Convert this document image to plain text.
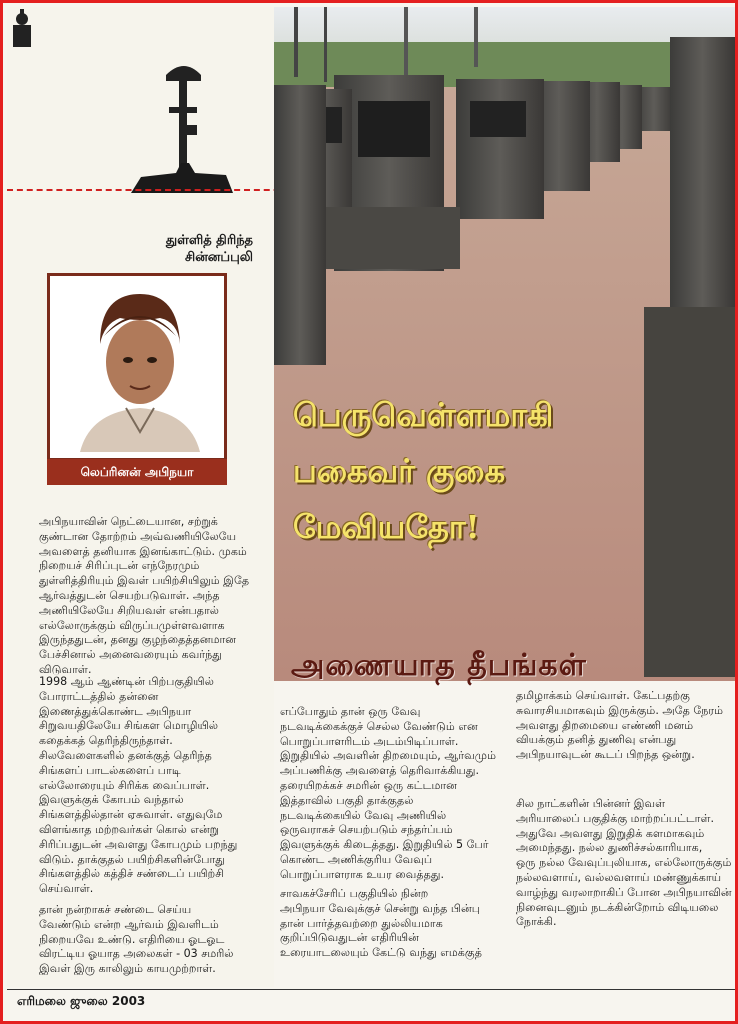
துள்ளித் திரிந்த
சின்னப்புலி
லெப்ரினன் அபிநயா
அபிநயாவின் நெட்டையான, சற்றுக்
குண்டான தோற்றம் அவ்வணியிலேயே
அவளைத் தனியாக இனங்காட்டும். முகம்
நிறையச் சிரிப்புடன் எந்நேரமும்
துள்ளித்திரியும் இவள் பயிற்சியிலும் இதே
ஆர்வத்துடன் செயற்படுவாள். அந்த
அணியிலேயே சிறியவள் என்பதால்
எல்லோருக்கும் விருப்பமுள்ளவளாக
இருந்ததுடன், தனது குழந்தைத்தனமான
பேச்சினால் அனைவரையும் கவர்ந்து
விடுவாள்.
1998 ஆம் ஆண்டின் பிற்பகுதியில்
போராட்டத்தில் தன்னை
இணைத்துக்கொண்ட அபிநயா
சிறுவயதிலேயே சிங்கள மொழியில்
கதைக்கத் தெரிந்திருந்தாள்.
சிலவேளைகளில் தனக்குத் தெரிந்த
சிங்களப் பாடல்களைப் பாடி
எல்லோரையும் சிரிக்க வைப்பாள்.
இவளுக்குக் கோபம் வந்தால்
சிங்களத்தில்தான் ஏசுவாள். எதுவுமே
விளங்காத மற்றவர்கள் கொல் என்று
சிரிப்பதுடன் அவளது கோபமும் பறந்து
விடும். தாக்குதல் பயிற்சிகளின்போது
சிங்களத்தில் கத்திச் சண்டைப் பயிற்சி
செய்வாள்.
தான் நன்றாகச் சண்டை செய்ய
வேண்டும் என்ற ஆர்வம் இவளிடம்
நிறையவே உண்டு. எதிரியை ஓடஓட
விரட்டிய ஓயாத அலைகள் - 03 சமரில்
இவள் இரு காலிலும் காயமுற்றாள்.
பெருவெள்ளமாகி
பகைவர் குகை
மேவியதோ!
அணையாத தீபங்கள்
எப்போதும் தான் ஒரு வேவு
நடவடிக்கைக்குச் செல்ல வேண்டும் என
பொறுப்பாளரிடம் அடம்பிடிப்பாள்.
இறுதியில் அவளின் திறமையும், ஆர்வமும்
அப்பணிக்கு அவளைத் தெரிவாக்கியது.
தரையிறக்கச் சமரின் ஒரு கட்டமான
இத்தாவில் பகுதி தாக்குதல்
நடவடிக்கையில் வேவு அணியில்
ஒருவராகச் செயற்படும் சந்தர்ப்பம்
இவளுக்குக் கிடைத்தது. இறுதியில் 5 பேர்
கொண்ட அணிக்குரிய வேவுப்
பொறுப்பாளராக உயர வைத்தது.
சாவகச்சேரிப் பகுதியில் நின்ற
அபிநயா வேவுக்குச் சென்று வந்த பின்பு
தான் பார்த்தவற்றை துல்லியமாக
குறிப்பிடுவதுடன் எதிரியின்
உரையாடலையும் கேட்டு வந்து எமக்குத்
தமிழாக்கம் செய்வாள். கேட்பதற்கு
சுவாரசியமாகவும் இருக்கும். அதே நேரம்
அவளது திறமையை எண்ணி மனம்
வியக்கும் தனித் துணிவு என்பது
அபிநயாவுடன் கூடப் பிறந்த ஒன்று.
சில நாட்களின் பின்னர் இவள்
அரியாலைப் பகுதிக்கு மாற்றப்பட்டாள்.
அதுவே அவளது இறுதிக் களமாகவும்
அமைந்தது. நல்ல துணிச்சல்காரியாக,
ஒரு நல்ல வேவுப்புலியாக, எல்லோருக்கும்
நல்லவளாய், வல்லவளாய் மண்ணுக்காய்
வாழ்ந்து வரலாறாகிப் போன அபிநயாவின்
நினைவுடனும் நடக்கின்றோம் விடியலை
நோக்கி.
எரிமலை ஜுலை 2003
